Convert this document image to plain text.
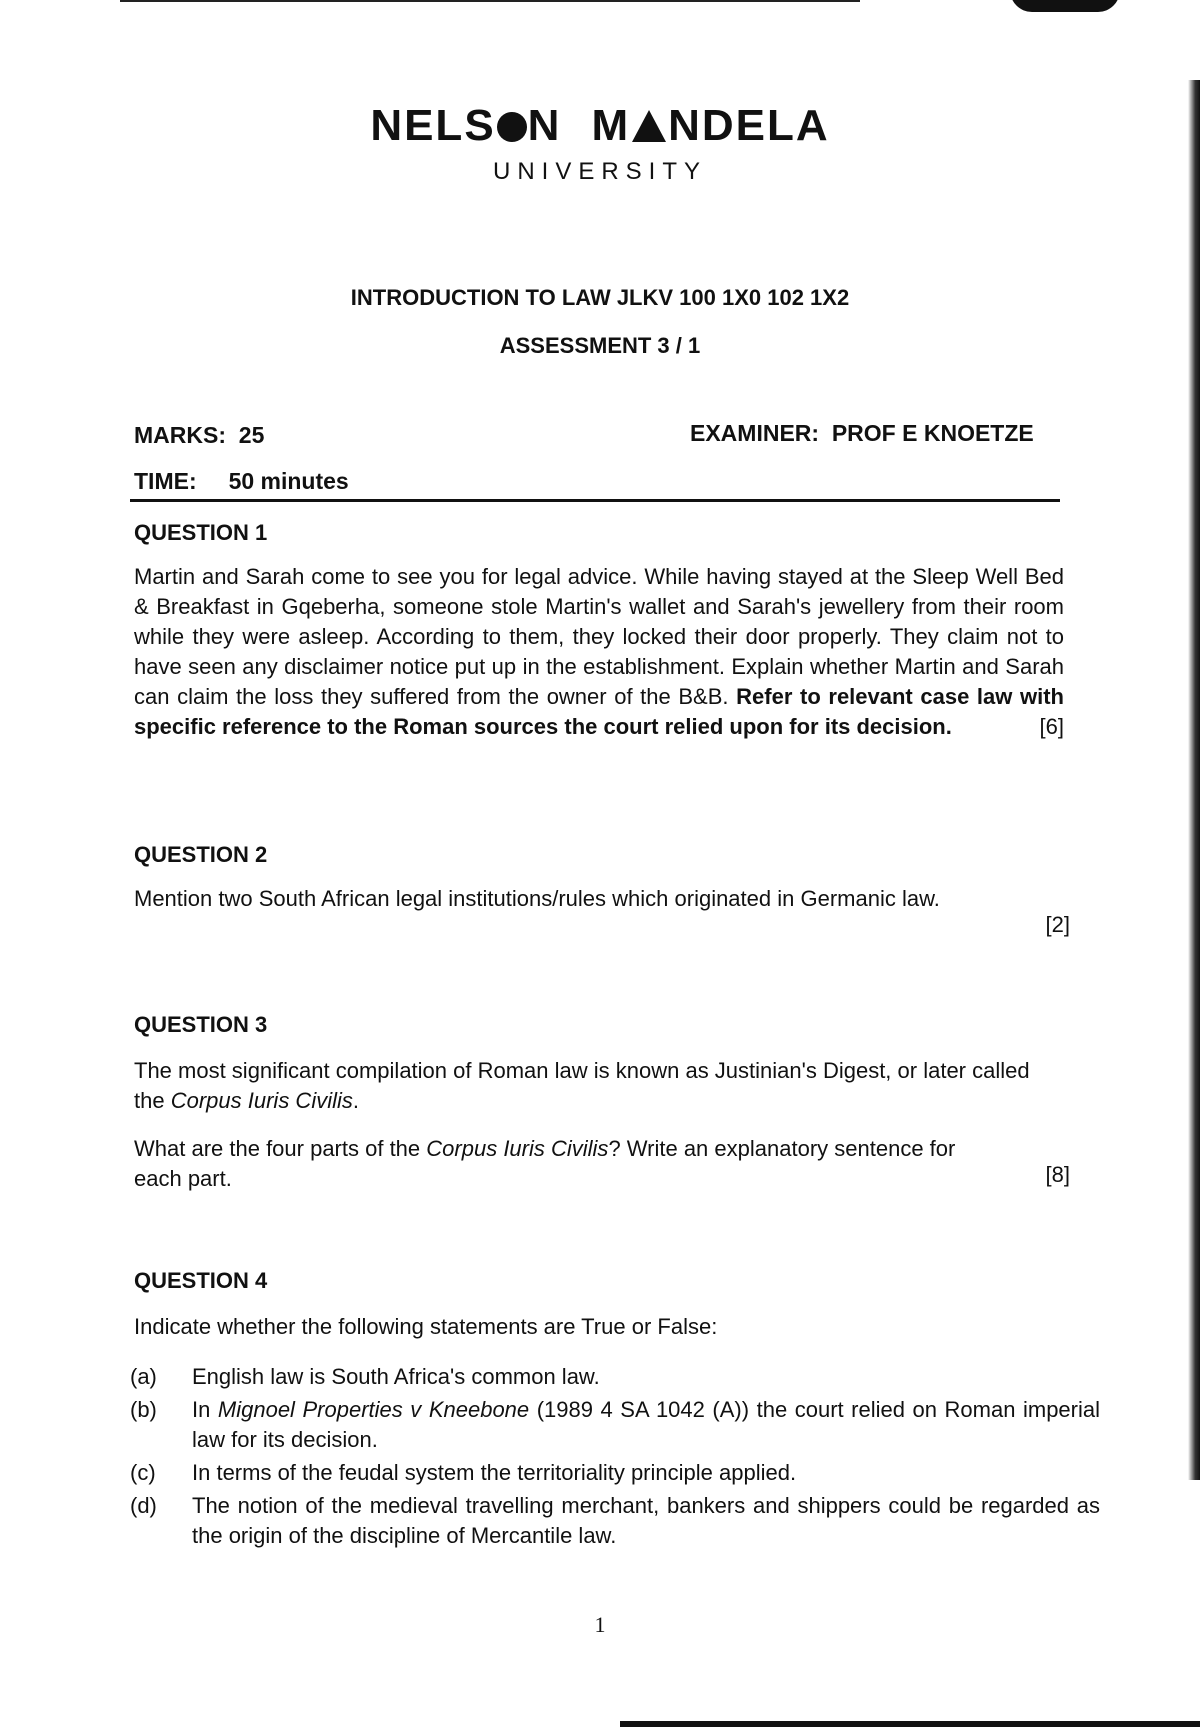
NELS N M NDELA
UNIVERSITY
INTRODUCTION TO LAW JLKV 100 1X0 102 1X2
ASSESSMENT 3 / 1
MARKS: 25	EXAMINER: PROF E KNOETZE
TIME: 50 minutes
QUESTION 1
Martin and Sarah come to see you for legal advice. While having stayed at the Sleep Well Bed & Breakfast in Gqeberha, someone stole Martin's wallet and Sarah's jewellery from their room while they were asleep. According to them, they locked their door properly. They claim not to have seen any disclaimer notice put up in the establishment. Explain whether Martin and Sarah can claim the loss they suffered from the owner of the B&B. Refer to relevant case law with specific reference to the Roman sources the court relied upon for its decision.	[6]
QUESTION 2
Mention two South African legal institutions/rules which originated in Germanic law.
[2]
QUESTION 3
The most significant compilation of Roman law is known as Justinian's Digest, or later called the Corpus Iuris Civilis.
What are the four parts of the Corpus Iuris Civilis? Write an explanatory sentence for each part.	[8]
QUESTION 4
Indicate whether the following statements are True or False:
(a)	English law is South Africa's common law.
(b)	In Mignoel Properties v Kneebone (1989 4 SA 1042 (A)) the court relied on Roman imperial law for its decision.
(c)	In terms of the feudal system the territoriality principle applied.
(d)	The notion of the medieval travelling merchant, bankers and shippers could be regarded as the origin of the discipline of Mercantile law.
1
